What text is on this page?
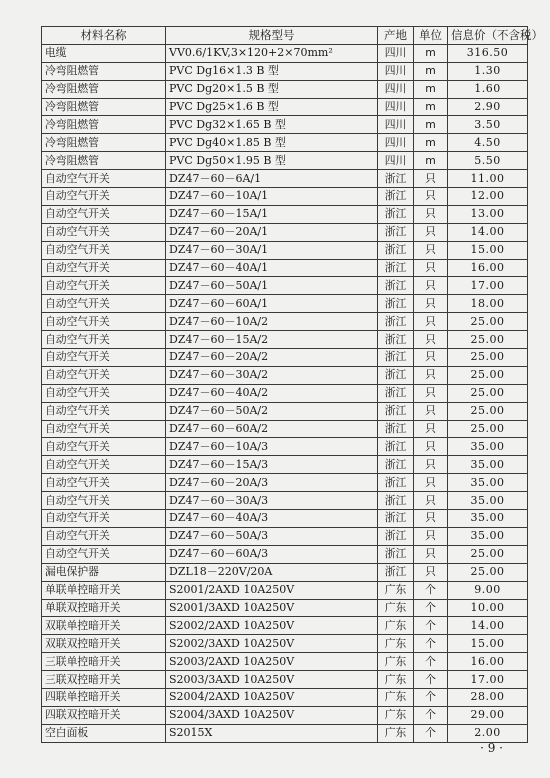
材料名称	规格型号	产地	单位	信息价（不含税）
电缆	VV0.6/1KV,3×120+2×70mm²	四川	m	316.50
冷弯阻燃管	PVC Dg16×1.3 B 型	四川	m	1.30
冷弯阻燃管	PVC Dg20×1.5 B 型	四川	m	1.60
冷弯阻燃管	PVC Dg25×1.6 B 型	四川	m	2.90
冷弯阻燃管	PVC Dg32×1.65 B 型	四川	m	3.50
冷弯阻燃管	PVC Dg40×1.85 B 型	四川	m	4.50
冷弯阻燃管	PVC Dg50×1.95 B 型	四川	m	5.50
自动空气开关	DZ47－60－6A/1	浙江	只	11.00
自动空气开关	DZ47－60－10A/1	浙江	只	12.00
自动空气开关	DZ47－60－15A/1	浙江	只	13.00
自动空气开关	DZ47－60－20A/1	浙江	只	14.00
自动空气开关	DZ47－60－30A/1	浙江	只	15.00
自动空气开关	DZ47－60－40A/1	浙江	只	16.00
自动空气开关	DZ47－60－50A/1	浙江	只	17.00
自动空气开关	DZ47－60－60A/1	浙江	只	18.00
自动空气开关	DZ47－60－10A/2	浙江	只	25.00
自动空气开关	DZ47－60－15A/2	浙江	只	25.00
自动空气开关	DZ47－60－20A/2	浙江	只	25.00
自动空气开关	DZ47－60－30A/2	浙江	只	25.00
自动空气开关	DZ47－60－40A/2	浙江	只	25.00
自动空气开关	DZ47－60－50A/2	浙江	只	25.00
自动空气开关	DZ47－60－60A/2	浙江	只	25.00
自动空气开关	DZ47－60－10A/3	浙江	只	35.00
自动空气开关	DZ47－60－15A/3	浙江	只	35.00
自动空气开关	DZ47－60－20A/3	浙江	只	35.00
自动空气开关	DZ47－60－30A/3	浙江	只	35.00
自动空气开关	DZ47－60－40A/3	浙江	只	35.00
自动空气开关	DZ47－60－50A/3	浙江	只	35.00
自动空气开关	DZ47－60－60A/3	浙江	只	25.00
漏电保护器	DZL18－220V/20A	浙江	只	25.00
单联单控暗开关	S2001/2AXD 10A250V	广东	个	9.00
单联双控暗开关	S2001/3AXD 10A250V	广东	个	10.00
双联单控暗开关	S2002/2AXD 10A250V	广东	个	14.00
双联双控暗开关	S2002/3AXD 10A250V	广东	个	15.00
三联单控暗开关	S2003/2AXD 10A250V	广东	个	16.00
三联双控暗开关	S2003/3AXD 10A250V	广东	个	17.00
四联单控暗开关	S2004/2AXD 10A250V	广东	个	28.00
四联双控暗开关	S2004/3AXD 10A250V	广东	个	29.00
空白面板	S2015X	广东	个	2.00
· 9 ·
